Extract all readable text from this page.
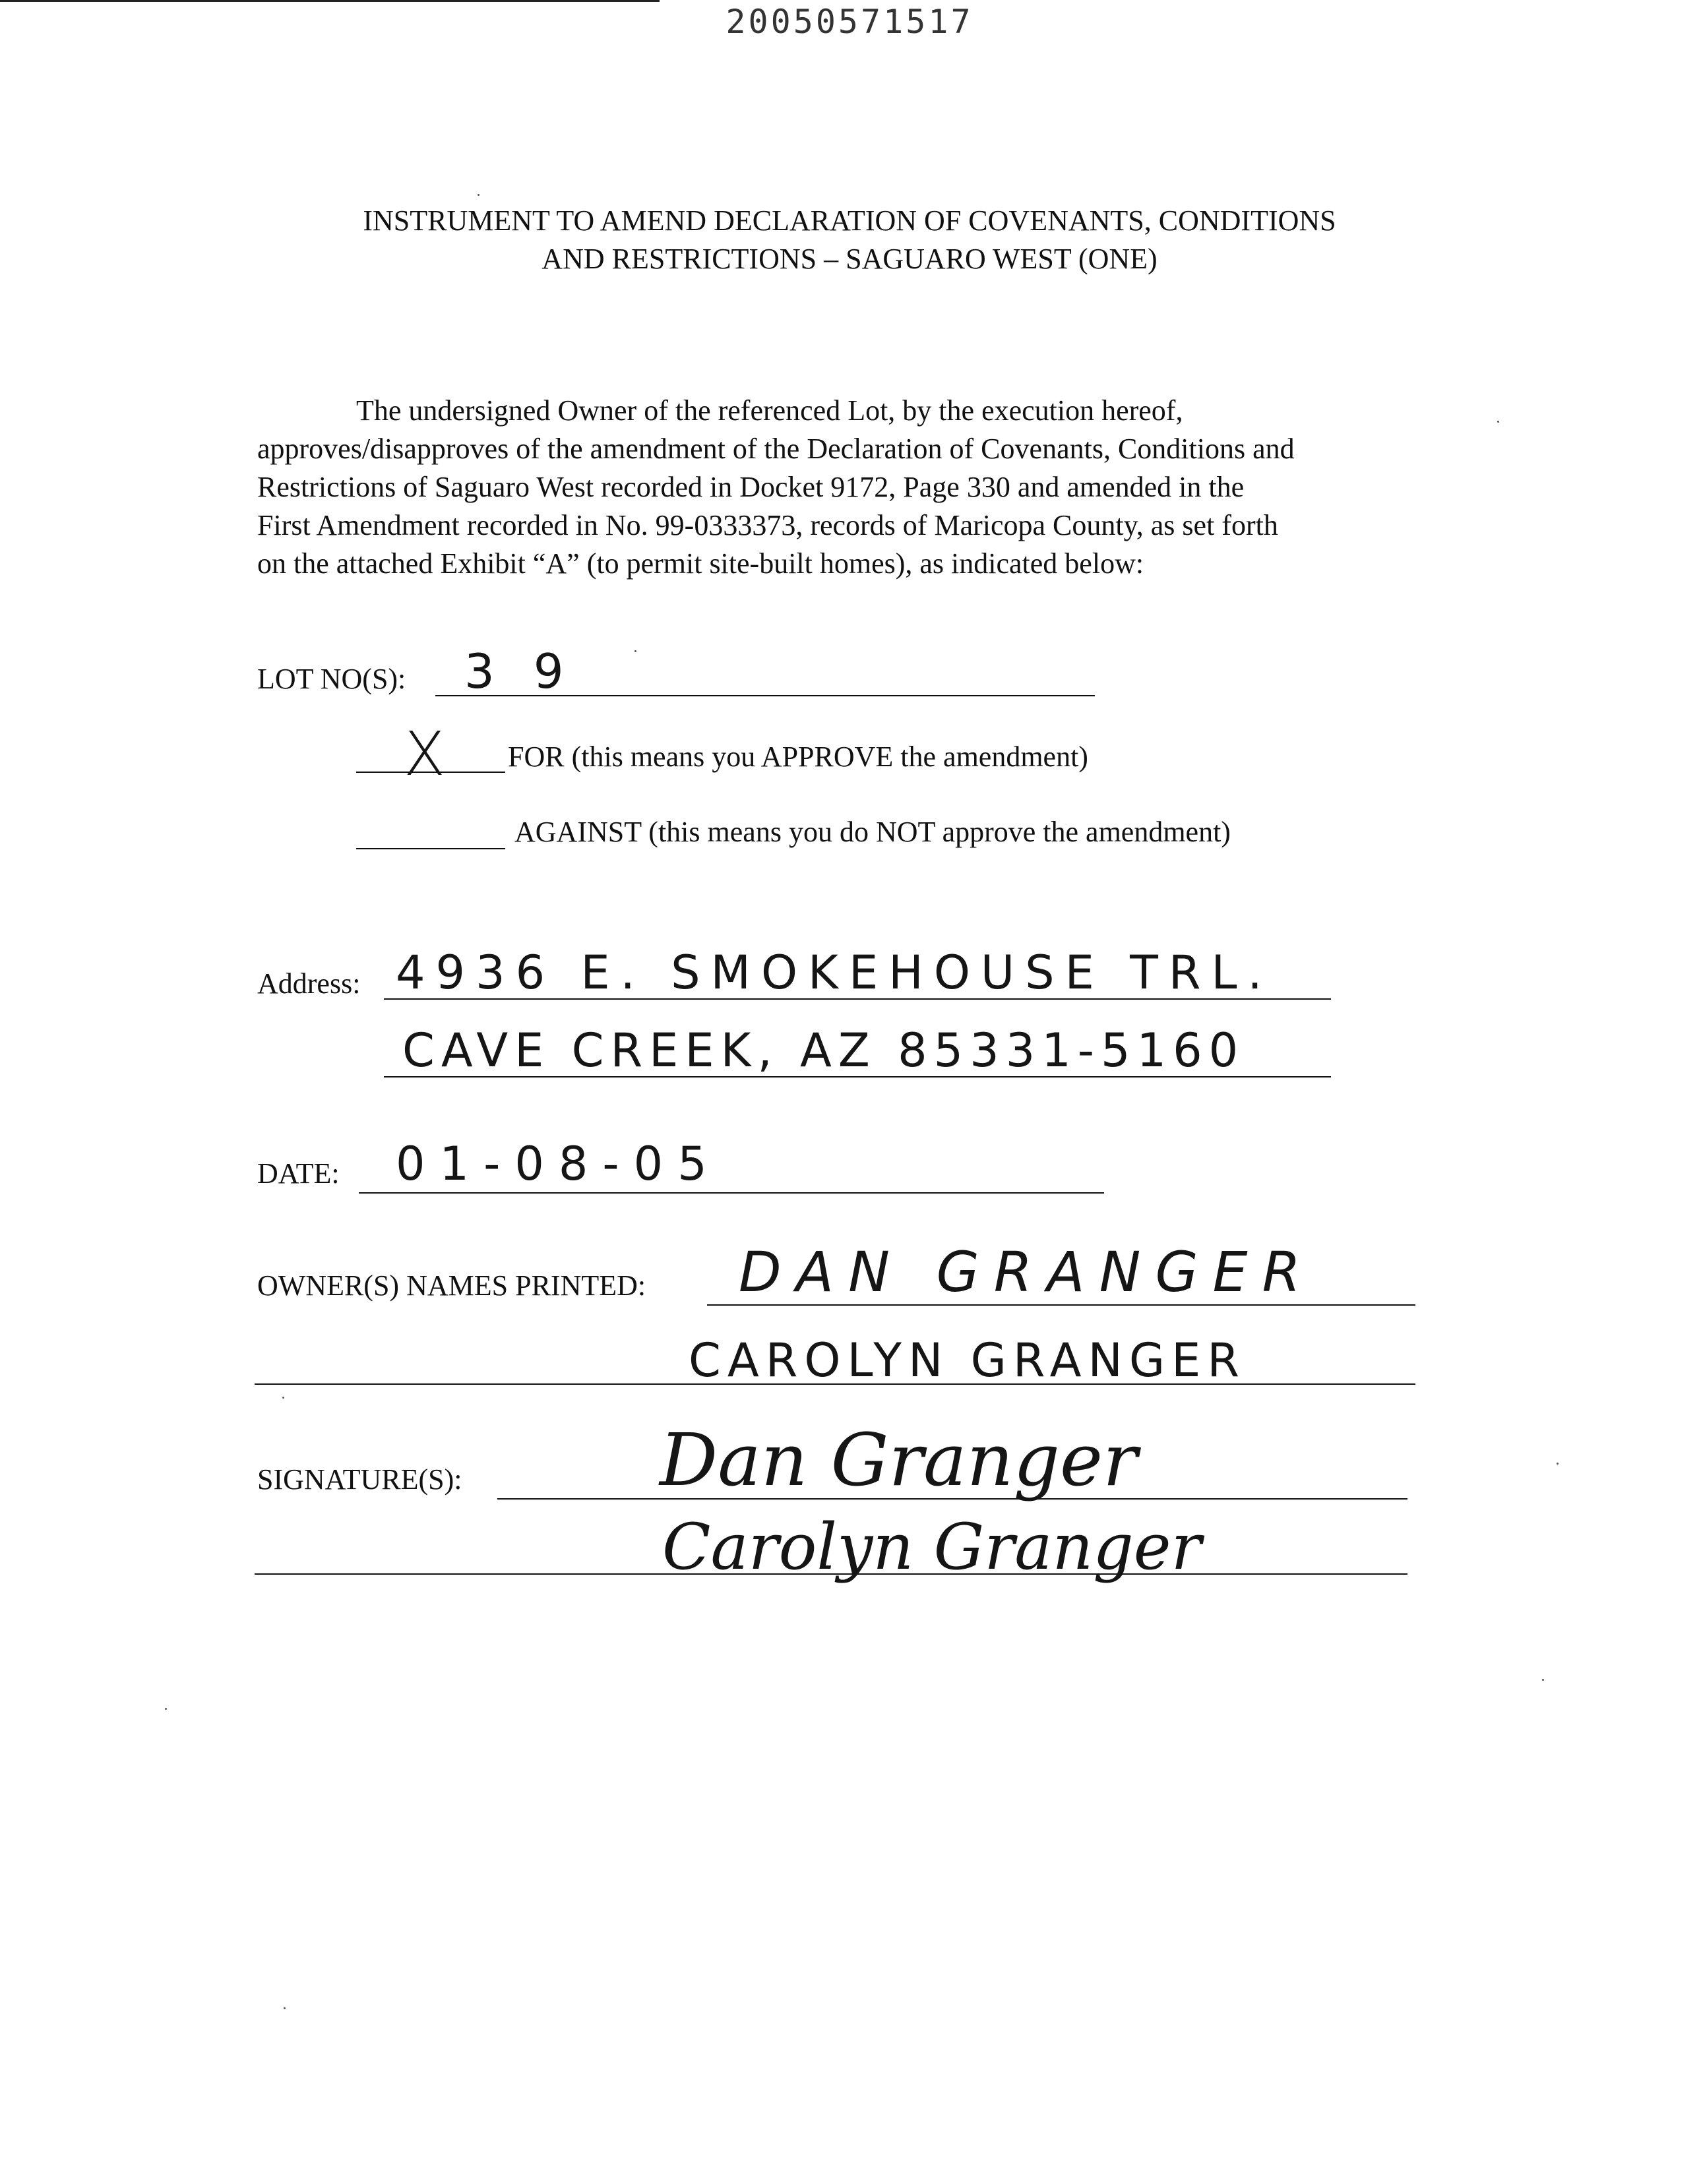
20050571517
INSTRUMENT TO AMEND DECLARATION OF COVENANTS, CONDITIONS
AND RESTRICTIONS – SAGUARO WEST (ONE)
The undersigned Owner of the referenced Lot, by the execution hereof,
approves/disapproves of the amendment of the Declaration of Covenants, Conditions and
Restrictions of Saguaro West recorded in Docket 9172, Page 330 and amended in the
First Amendment recorded in No. 99-0333373, records of Maricopa County, as set forth
on the attached Exhibit “A” (to permit site-built homes), as indicated below:
LOT NO(S): 3 9
X FOR (this means you APPROVE the amendment)
AGAINST (this means you do NOT approve the amendment)
Address: 4936 E. SMOKEHOUSE TRL.
CAVE CREEK, AZ 85331-5160
DATE: 01-08-05
OWNER(S) NAMES PRINTED: DAN GRANGER
CAROLYN GRANGER
SIGNATURE(S):	Dan Granger
Carolyn Granger
